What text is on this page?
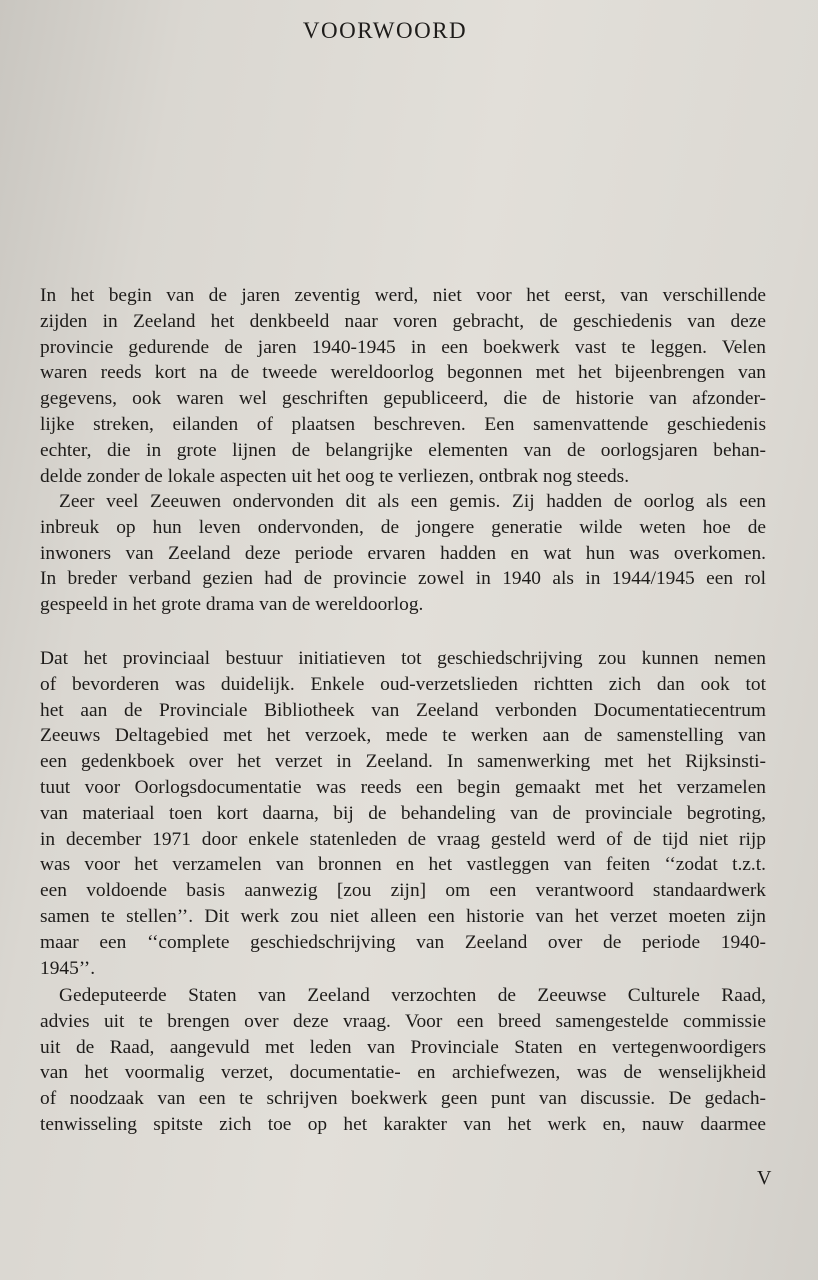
VOORWOORD
In het begin van de jaren zeventig werd, niet voor het eerst, van verschillende
zijden in Zeeland het denkbeeld naar voren gebracht, de geschiedenis van deze
provincie gedurende de jaren 1940-1945 in een boekwerk vast te leggen. Velen
waren reeds kort na de tweede wereldoorlog begonnen met het bijeenbrengen van
gegevens, ook waren wel geschriften gepubliceerd, die de historie van afzonder-
lijke streken, eilanden of plaatsen beschreven. Een samenvattende geschiedenis
echter, die in grote lijnen de belangrijke elementen van de oorlogsjaren behan-
delde zonder de lokale aspecten uit het oog te verliezen, ontbrak nog steeds.
Zeer veel Zeeuwen ondervonden dit als een gemis. Zij hadden de oorlog als een
inbreuk op hun leven ondervonden, de jongere generatie wilde weten hoe de
inwoners van Zeeland deze periode ervaren hadden en wat hun was overkomen.
In breder verband gezien had de provincie zowel in 1940 als in 1944/1945 een rol
gespeeld in het grote drama van de wereldoorlog.
Dat het provinciaal bestuur initiatieven tot geschiedschrijving zou kunnen nemen
of bevorderen was duidelijk. Enkele oud-verzetslieden richtten zich dan ook tot
het aan de Provinciale Bibliotheek van Zeeland verbonden Documentatiecentrum
Zeeuws Deltagebied met het verzoek, mede te werken aan de samenstelling van
een gedenkboek over het verzet in Zeeland. In samenwerking met het Rijksinsti-
tuut voor Oorlogsdocumentatie was reeds een begin gemaakt met het verzamelen
van materiaal toen kort daarna, bij de behandeling van de provinciale begroting,
in december 1971 door enkele statenleden de vraag gesteld werd of de tijd niet rijp
was voor het verzamelen van bronnen en het vastleggen van feiten ‘‘zodat t.z.t.
een voldoende basis aanwezig [zou zijn] om een verantwoord standaardwerk
samen te stellen’’. Dit werk zou niet alleen een historie van het verzet moeten zijn
maar een ‘‘complete geschiedschrijving van Zeeland over de periode 1940-
1945’’.
Gedeputeerde Staten van Zeeland verzochten de Zeeuwse Culturele Raad,
advies uit te brengen over deze vraag. Voor een breed samengestelde commissie
uit de Raad, aangevuld met leden van Provinciale Staten en vertegenwoordigers
van het voormalig verzet, documentatie- en archiefwezen, was de wenselijkheid
of noodzaak van een te schrijven boekwerk geen punt van discussie. De gedach-
tenwisseling spitste zich toe op het karakter van het werk en, nauw daarmee
V
